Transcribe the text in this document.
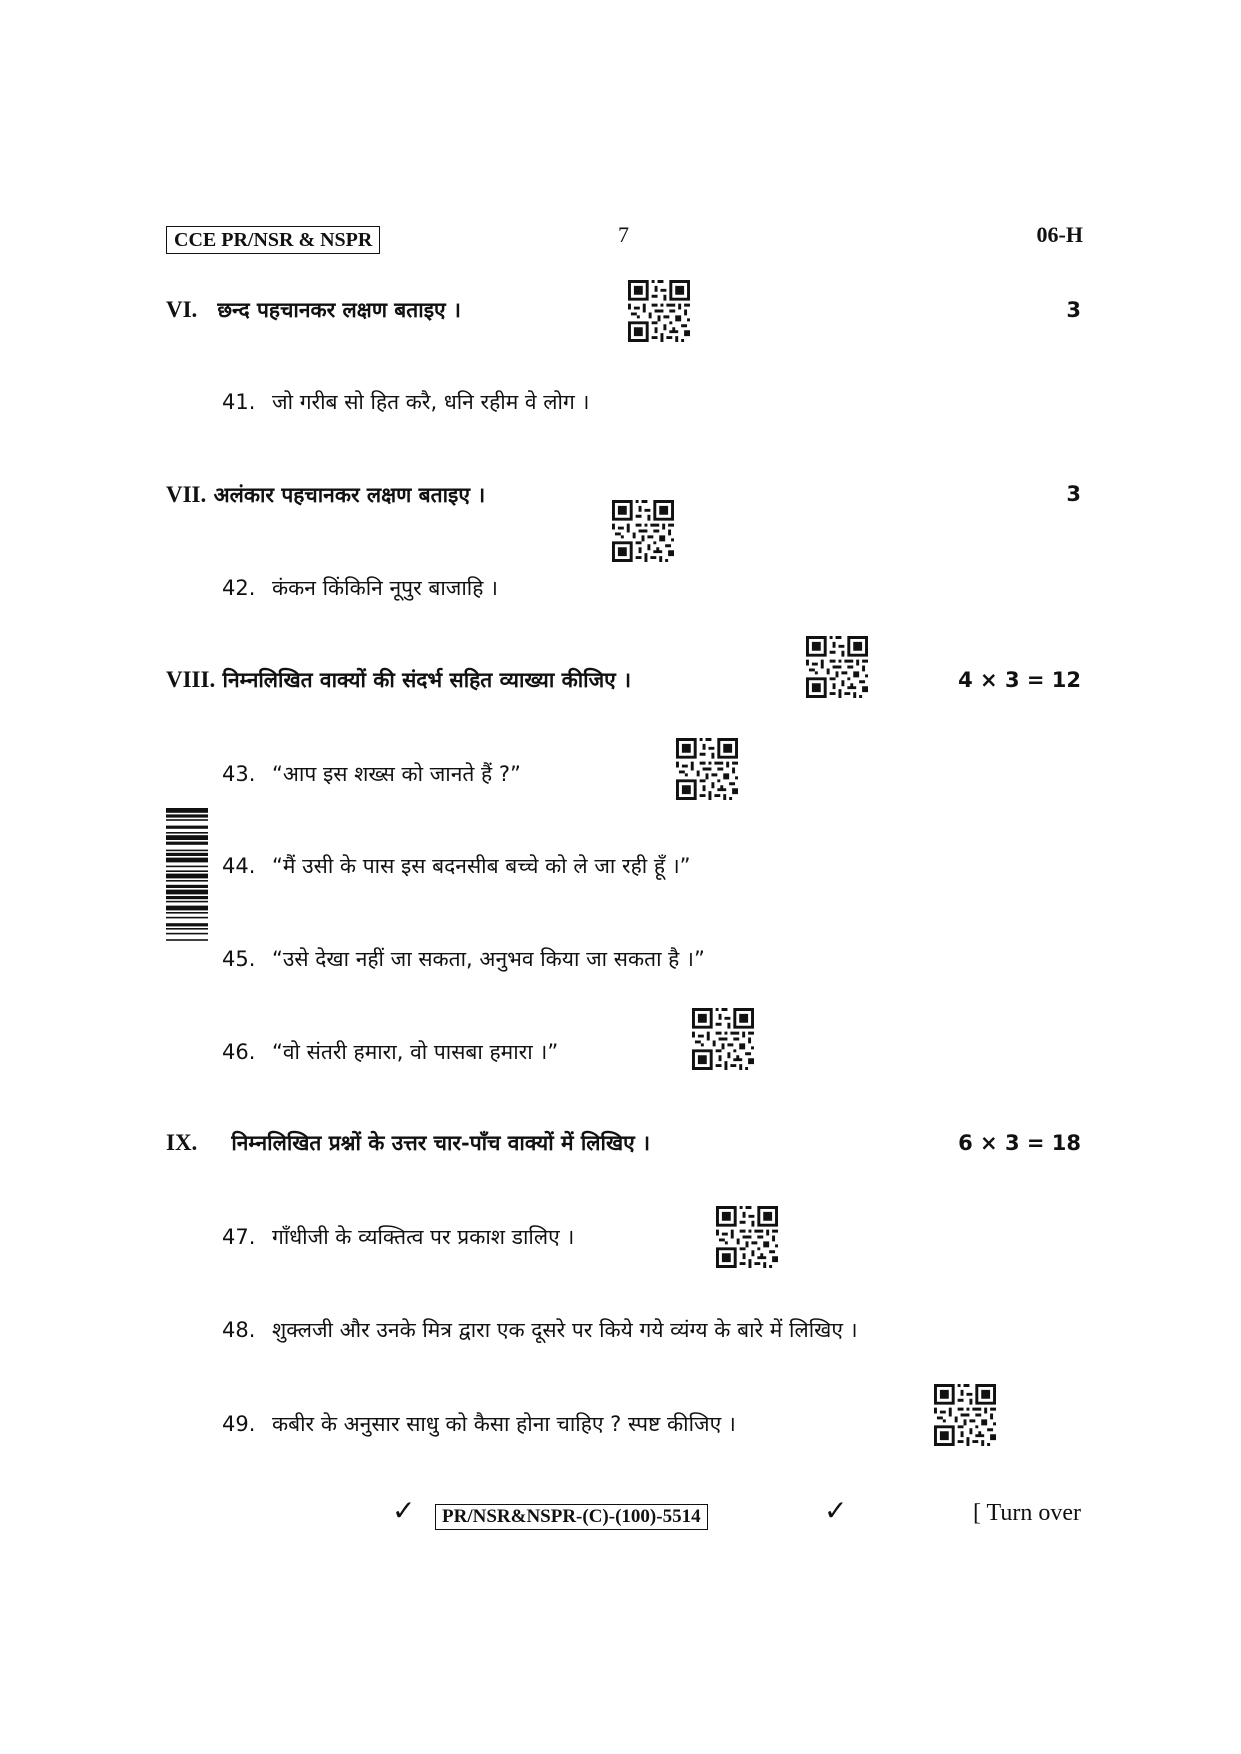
CCE PR/NSR & NSPR	7	06-H
VI. छन्द पहचानकर लक्षण बताइए ।	3
41. जो गरीब सो हित करै, धनि रहीम वे लोग ।
VII. अलंकार पहचानकर लक्षण बताइए ।	3
42. कंकन किंकिनि नूपुर बाजाहि ।
VIII. निम्नलिखित वाक्यों की संदर्भ सहित व्याख्या कीजिए ।	4 × 3 = 12
43. “आप इस शख्स को जानते हैं ?”
44. “मैं उसी के पास इस बदनसीब बच्चे को ले जा रही हूँ ।”
45. “उसे देखा नहीं जा सकता, अनुभव किया जा सकता है ।”
46. “वो संतरी हमारा, वो पासबा हमारा ।”
IX. निम्नलिखित प्रश्नों के उत्तर चार-पाँच वाक्यों में लिखिए ।	6 × 3 = 18
47. गाँधीजी के व्यक्तित्व पर प्रकाश डालिए ।
48. शुक्लजी और उनके मित्र द्वारा एक दूसरे पर किये गये व्यंग्य के बारे में लिखिए ।
49. कबीर के अनुसार साधु को कैसा होना चाहिए ? स्पष्ट कीजिए ।
✓	PR/NSR&NSPR-(C)-(100)-5514	✓	[ Turn over
